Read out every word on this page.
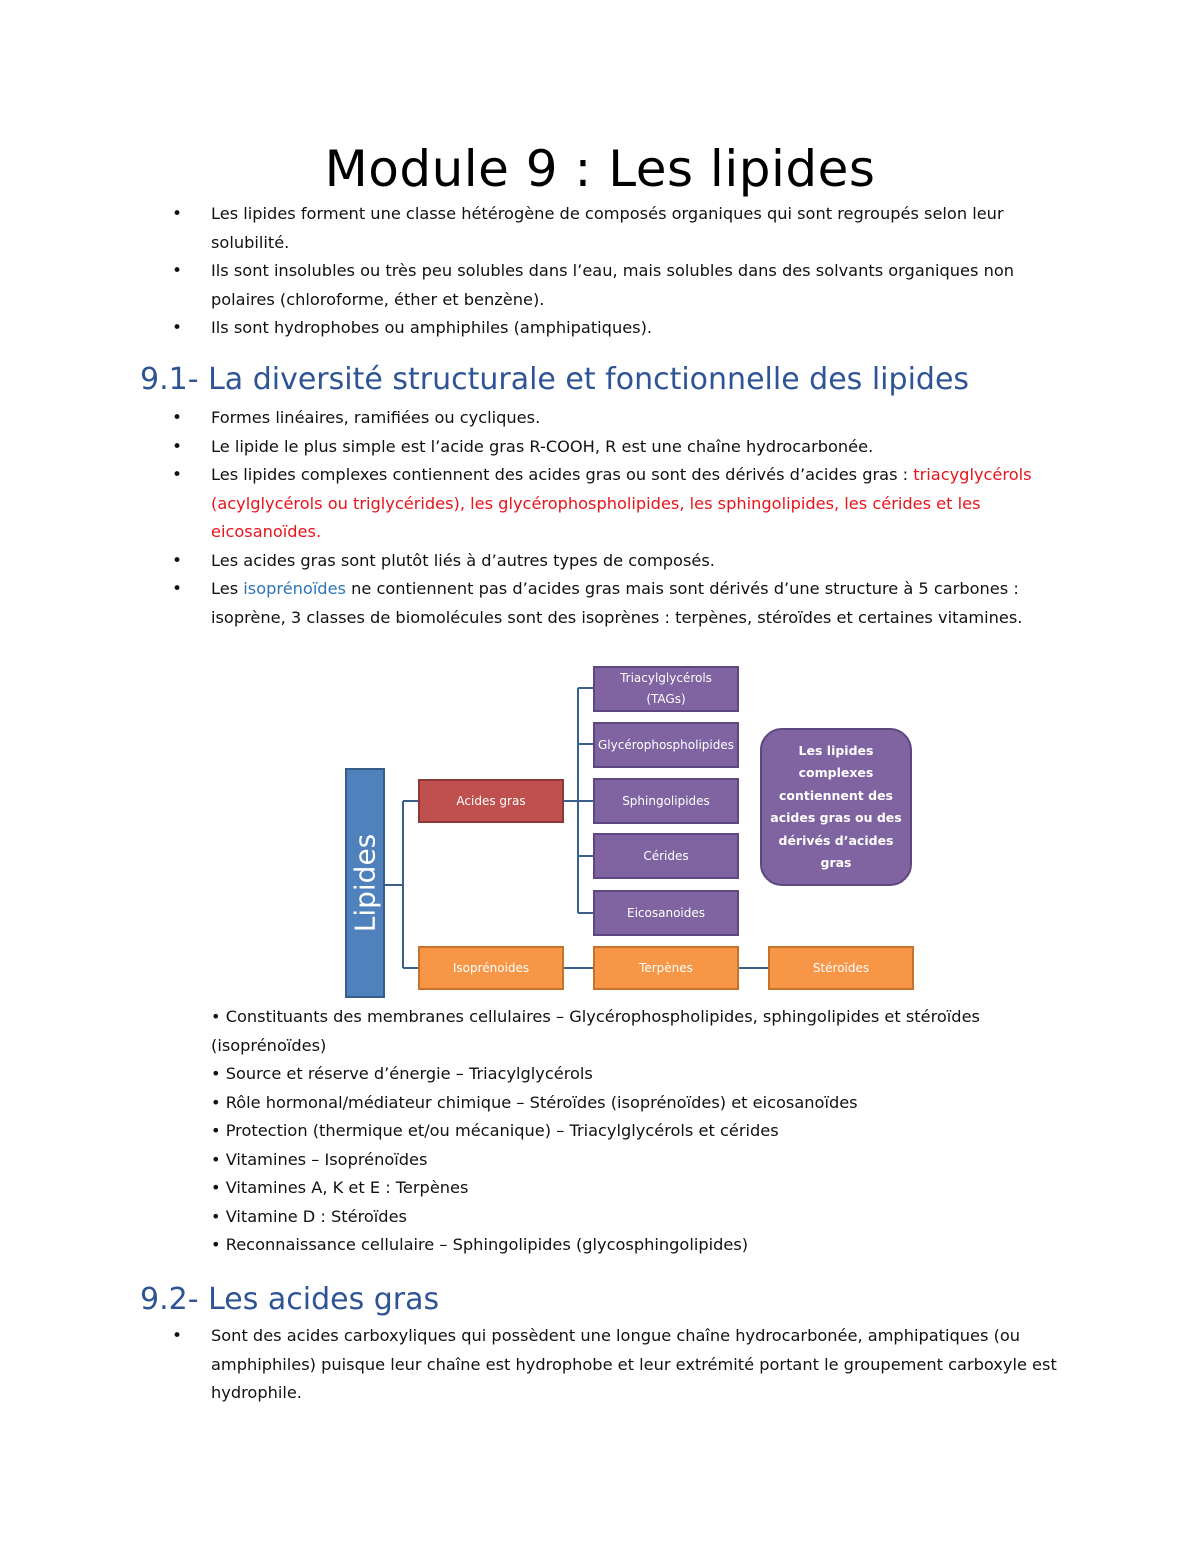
Module 9 : Les lipides
• Les lipides forment une classe hétérogène de composés organiques qui sont regroupés selon leur solubilité.
• Ils sont insolubles ou très peu solubles dans l’eau, mais solubles dans des solvants organiques non polaires (chloroforme, éther et benzène).
• Ils sont hydrophobes ou amphiphiles (amphipatiques).
9.1- La diversité structurale et fonctionnelle des lipides
• Formes linéaires, ramifiées ou cycliques.
• Le lipide le plus simple est l’acide gras R-COOH, R est une chaîne hydrocarbonée.
• Les lipides complexes contiennent des acides gras ou sont des dérivés d’acides gras : triacyglycérols (acylglycérols ou triglycérides), les glycérophospholipides, les sphingolipides, les cérides et les eicosanoïdes.
• Les acides gras sont plutôt liés à d’autres types de composés.
• Les isoprénoïdes ne contiennent pas d’acides gras mais sont dérivés d’une structure à 5 carbones : isoprène, 3 classes de biomolécules sont des isoprènes : terpènes, stéroïdes et certaines vitamines.
Lipides
Acides gras
Triacylglycérols
(TAGs)
Glycérophospholipides
Sphingolipides
Cérides
Eicosanoides
Isoprénoides	Terpènes	Stéroïdes
Les lipides complexes contiennent des acides gras ou des dérivés d’acides gras
• Constituants des membranes cellulaires – Glycérophospholipides, sphingolipides et stéroïdes (isoprénoïdes)
• Source et réserve d’énergie – Triacylglycérols
• Rôle hormonal/médiateur chimique – Stéroïdes (isoprénoïdes) et eicosanoïdes
• Protection (thermique et/ou mécanique) – Triacylglycérols et cérides
• Vitamines – Isoprénoïdes
• Vitamines A, K et E : Terpènes
• Vitamine D : Stéroïdes
• Reconnaissance cellulaire – Sphingolipides (glycosphingolipides)
9.2- Les acides gras
• Sont des acides carboxyliques qui possèdent une longue chaîne hydrocarbonée, amphipatiques (ou amphiphiles) puisque leur chaîne est hydrophobe et leur extrémité portant le groupement carboxyle est hydrophile.
